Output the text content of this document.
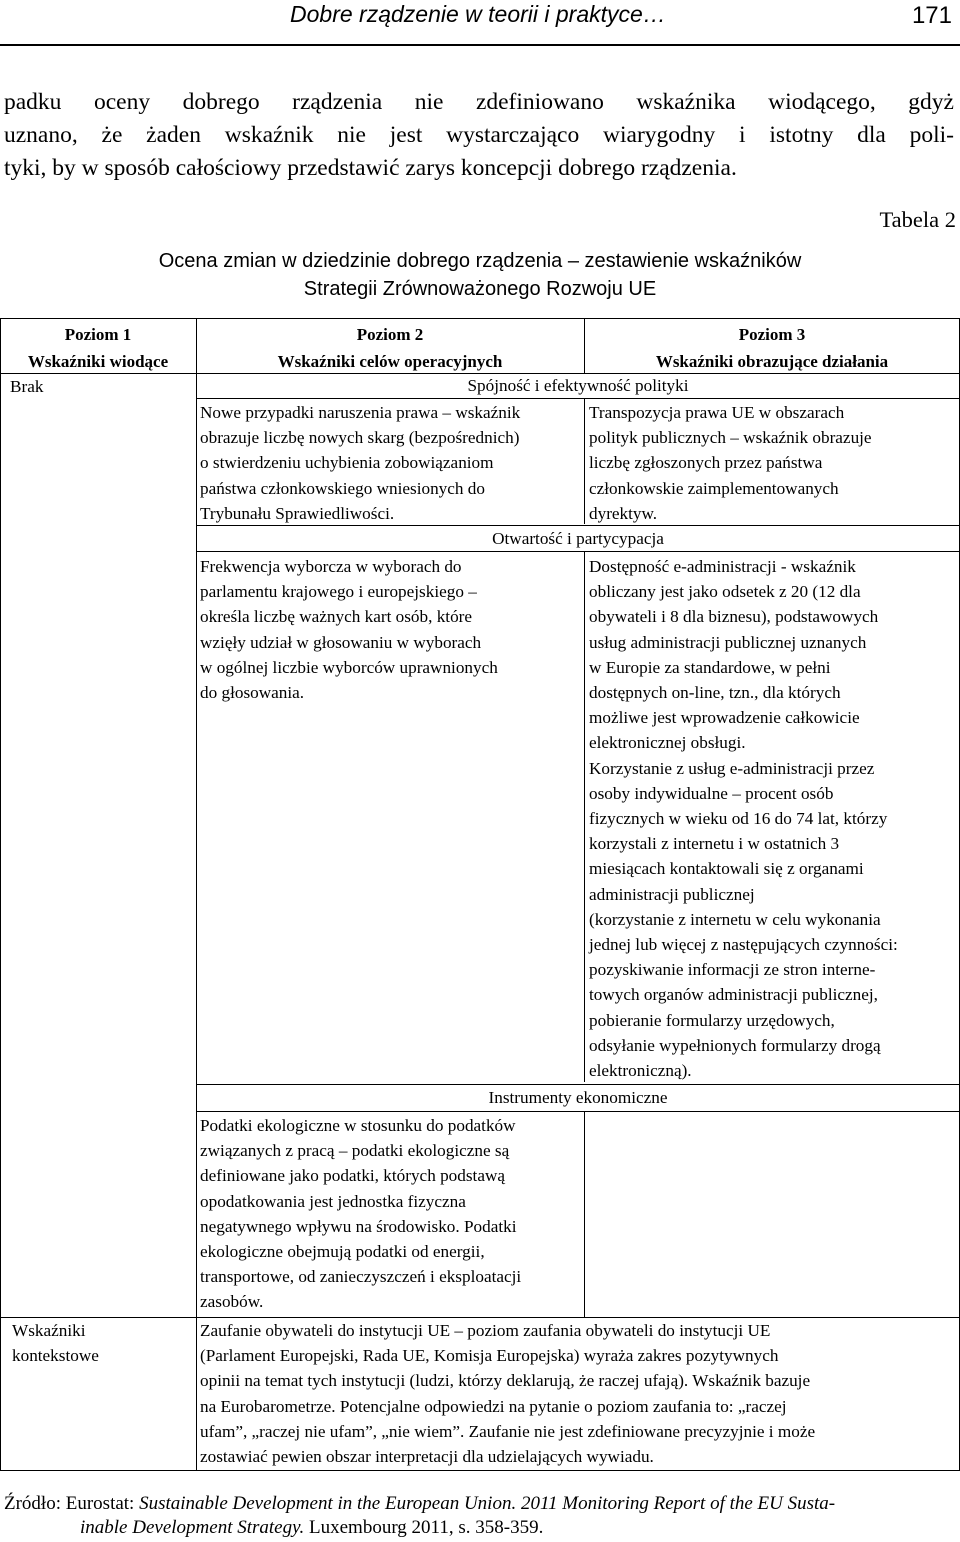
Dobre rządzenie w teorii i praktyce…	171
padku oceny dobrego rządzenia nie zdefiniowano wskaźnika wiodącego, gdyż
uznano, że żaden wskaźnik nie jest wystarczająco wiarygodny i istotny dla poli-
tyki, by w sposób całościowy przedstawić zarys koncepcji dobrego rządzenia.
Tabela 2
Ocena zmian w dziedzinie dobrego rządzenia – zestawienie wskaźników
Strategii Zrównoważonego Rozwoju UE
Poziom 1
Wskaźniki wiodące
Poziom 2
Wskaźniki celów operacyjnych
Poziom 3
Wskaźniki obrazujące działania
Brak
Wskaźniki
kontekstowe
Spójność i efektywność polityki
Otwartość i partycypacja
Instrumenty ekonomiczne
Nowe przypadki naruszenia prawa – wskaźnik
obrazuje liczbę nowych skarg (bezpośrednich)
o stwierdzeniu uchybienia zobowiązaniom
państwa członkowskiego wniesionych do
Trybunału Sprawiedliwości.
Transpozycja prawa UE w obszarach
polityk publicznych – wskaźnik obrazuje
liczbę zgłoszonych przez państwa
członkowskie zaimplementowanych
dyrektyw.
Frekwencja wyborcza w wyborach do
parlamentu krajowego i europejskiego –
określa liczbę ważnych kart osób, które
wzięły udział w głosowaniu w wyborach
w ogólnej liczbie wyborców uprawnionych
do głosowania.
Dostępność e-administracji - wskaźnik
obliczany jest jako odsetek z 20 (12 dla
obywateli i 8 dla biznesu), podstawowych
usług administracji publicznej uznanych
w Europie za standardowe, w pełni
dostępnych on-line, tzn., dla których
możliwe jest wprowadzenie całkowicie
elektronicznej obsługi.
Korzystanie z usług e-administracji przez
osoby indywidualne – procent osób
fizycznych w wieku od 16 do 74 lat, którzy
korzystali z internetu i w ostatnich 3
miesiącach kontaktowali się z organami
administracji publicznej
(korzystanie z internetu w celu wykonania
jednej lub więcej z następujących czynności:
pozyskiwanie informacji ze stron interne-
towych organów administracji publicznej,
pobieranie formularzy urzędowych,
odsyłanie wypełnionych formularzy drogą
elektroniczną).
Podatki ekologiczne w stosunku do podatków
związanych z pracą – podatki ekologiczne są
definiowane jako podatki, których podstawą
opodatkowania jest jednostka fizyczna
negatywnego wpływu na środowisko. Podatki
ekologiczne obejmują podatki od energii,
transportowe, od zanieczyszczeń i eksploatacji
zasobów.
Zaufanie obywateli do instytucji UE – poziom zaufania obywateli do instytucji UE
(Parlament Europejski, Rada UE, Komisja Europejska) wyraża zakres pozytywnych
opinii na temat tych instytucji (ludzi, którzy deklarują, że raczej ufają). Wskaźnik bazuje
na Eurobarometrze. Potencjalne odpowiedzi na pytanie o poziom zaufania to: „raczej
ufam”, „raczej nie ufam”, „nie wiem”. Zaufanie nie jest zdefiniowane precyzyjnie i może
zostawiać pewien obszar interpretacji dla udzielających wywiadu.
Źródło: Eurostat: Sustainable Development in the European Union. 2011 Monitoring Report of the EU Susta-
inable Development Strategy. Luxembourg 2011, s. 358-359.
